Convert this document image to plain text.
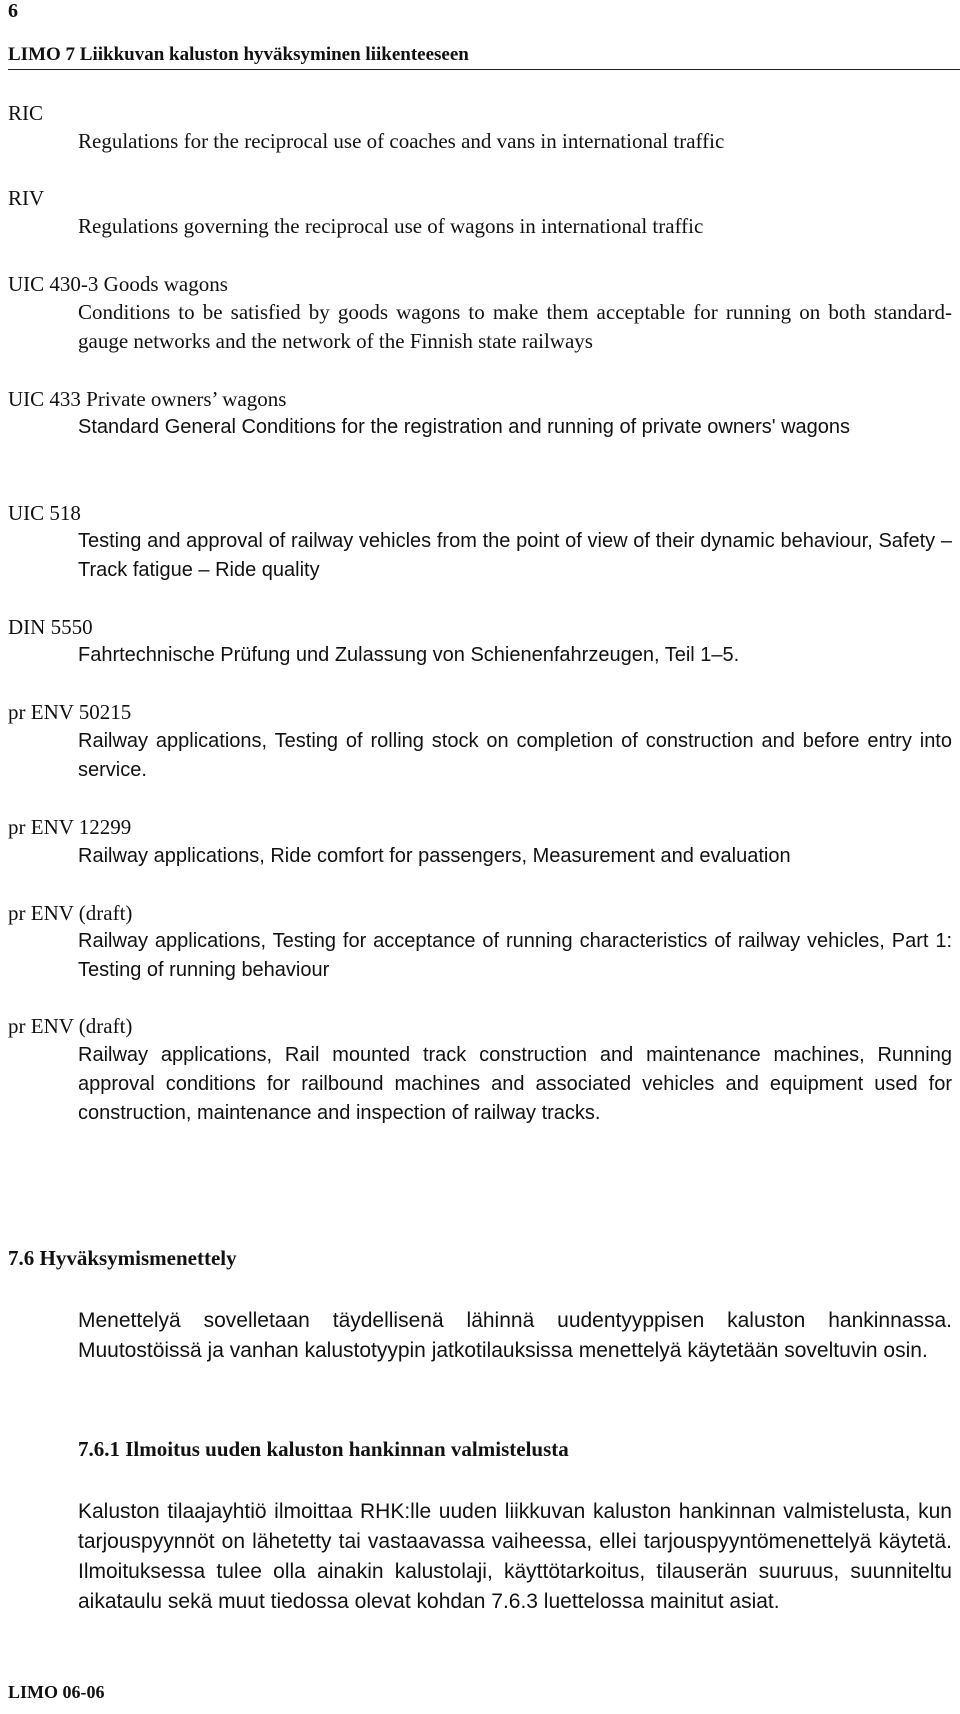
6
LIMO 7 Liikkuvan kaluston hyväksyminen liikenteeseen
RIC
Regulations for the reciprocal use of coaches and vans in international traffic
RIV
Regulations governing the reciprocal use of wagons in international traffic
UIC 430-3 Goods wagons
Conditions to be satisfied by goods wagons to make them acceptable for running on both standard-gauge networks and the network of the Finnish state railways
UIC 433 Private owners’ wagons
Standard General Conditions for the registration and running of private owners' wagons
UIC 518
Testing and approval of railway vehicles from the point of view of their dynamic behaviour, Safety – Track fatigue – Ride quality
DIN 5550
Fahrtechnische Prüfung und Zulassung von Schienenfahrzeugen, Teil 1–5.
pr ENV 50215
Railway applications, Testing of rolling stock on completion of construction and before entry into service.
pr ENV 12299
Railway applications, Ride comfort for passengers, Measurement and evaluation
pr ENV (draft)
Railway applications, Testing for acceptance of running characteristics of railway vehicles, Part 1: Testing of running behaviour
pr ENV (draft)
Railway applications, Rail mounted track construction and maintenance machines, Running approval conditions for railbound machines and associated vehicles and equipment used for construction, maintenance and inspection of railway tracks.
7.6 Hyväksymismenettely
Menettelyä sovelletaan täydellisenä lähinnä uudentyyppisen kaluston hankinnassa. Muutostöissä ja vanhan kalustotyypin jatkotilauksissa menettelyä käytetään soveltuvin osin.
7.6.1 Ilmoitus uuden kaluston hankinnan valmistelusta
Kaluston tilaajayhtiö ilmoittaa RHK:lle uuden liikkuvan kaluston hankinnan valmistelusta, kun tarjouspyynnöt on lähetetty tai vastaavassa vaiheessa, ellei tarjouspyyntömenettelyä käytetä. Ilmoituksessa tulee olla ainakin kalustolaji, käyttötarkoitus, tilauserän suuruus, suunniteltu aikataulu sekä muut tiedossa olevat kohdan 7.6.3 luettelossa mainitut asiat.
LIMO 06-06
